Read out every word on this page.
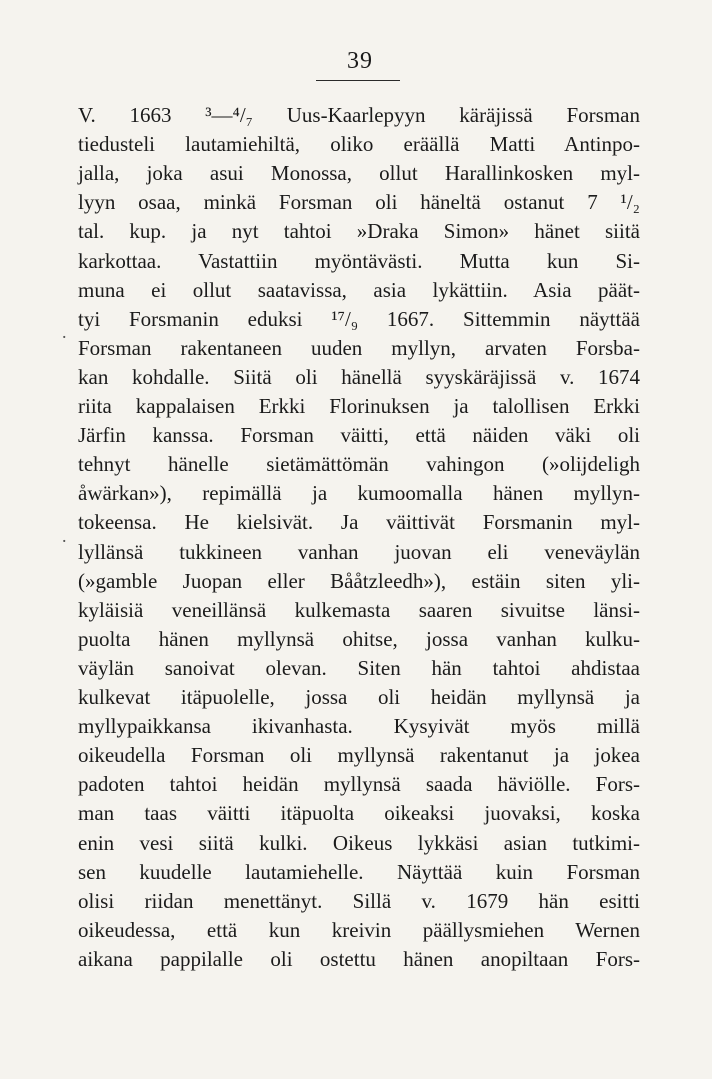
39
.
.
V. 1663 ³—⁴/₇ Uus-Kaarlepyyn käräjissä Forsman
tiedusteli lautamiehiltä, oliko eräällä Matti Antinpo-
jalla, joka asui Monossa, ollut Harallinkosken myl-
lyyn osaa, minkä Forsman oli häneltä ostanut 7 ¹/₂
tal. kup. ja nyt tahtoi »Draka Simon» hänet siitä
karkottaa. Vastattiin myöntävästi. Mutta kun Si-
muna ei ollut saatavissa, asia lykättiin. Asia päät-
tyi Forsmanin eduksi ¹⁷/₉ 1667. Sittemmin näyttää
Forsman rakentaneen uuden myllyn, arvaten Forsba-
kan kohdalle. Siitä oli hänellä syyskäräjissä v. 1674
riita kappalaisen Erkki Florinuksen ja talollisen Erkki
Järfin kanssa. Forsman väitti, että näiden väki oli
tehnyt hänelle sietämättömän vahingon (»olijdeligh
åwärkan»), repimällä ja kumoomalla hänen myllyn-
tokeensa. He kielsivät. Ja väittivät Forsmanin myl-
lyllänsä tukkineen vanhan juovan eli veneväylän
(»gamble Juopan eller Bååtzleedh»), estäin siten yli-
kyläisiä veneillänsä kulkemasta saaren sivuitse länsi-
puolta hänen myllynsä ohitse, jossa vanhan kulku-
väylän sanoivat olevan. Siten hän tahtoi ahdistaa
kulkevat itäpuolelle, jossa oli heidän myllynsä ja
myllypaikkansa ikivanhasta. Kysyivät myös millä
oikeudella Forsman oli myllynsä rakentanut ja jokea
padoten tahtoi heidän myllynsä saada häviölle. Fors-
man taas väitti itäpuolta oikeaksi juovaksi, koska
enin vesi siitä kulki. Oikeus lykkäsi asian tutkimi-
sen kuudelle lautamiehelle. Näyttää kuin Forsman
olisi riidan menettänyt. Sillä v. 1679 hän esitti
oikeudessa, että kun kreivin päällysmiehen Wernen
aikana pappilalle oli ostettu hänen anopiltaan Fors-
